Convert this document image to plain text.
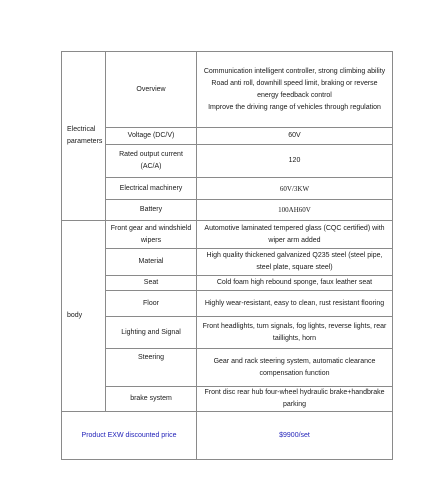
Electrical parameters	Overview	Communication intelligent controller, strong climbing ability
Road anti roll, downhill speed limit, braking or reverse energy feedback control
Improve the driving range of vehicles through regulation

	Voltage (DC/V)	60V
	Rated output current (AC/A)	120
	Electrical machinery	60V/3KW
	Battery	100AH60V
body	Front gear and windshield wipers	Automotive laminated tempered glass (CQC certified) with wiper arm added
	Material	High quality thickened galvanized Q235 steel (steel pipe, steel plate, square steel)
	Seat	Cold foam high rebound sponge, faux leather seat
	Floor	Highly wear-resistant, easy to clean, rust resistant flooring
	Lighting and Signal	Front headlights, turn signals, fog lights, reverse lights, rear taillights, horn
	Steering	Gear and rack steering system, automatic clearance compensation function
	brake system	Front disc rear hub four-wheel hydraulic brake+handbrake parking
Product EXW discounted price		$9900/set
